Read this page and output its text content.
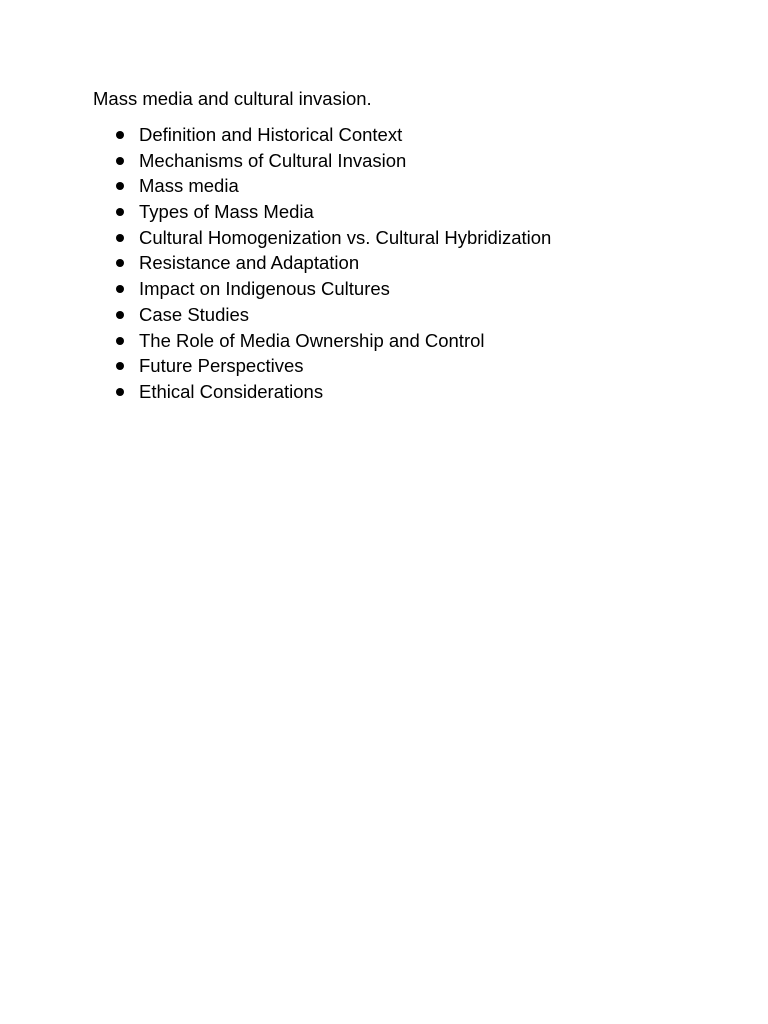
Mass media and cultural invasion.
Definition and Historical Context
Mechanisms of Cultural Invasion
Mass media
Types of Mass Media
Cultural Homogenization vs. Cultural Hybridization
Resistance and Adaptation
Impact on Indigenous Cultures
Case Studies
The Role of Media Ownership and Control
Future Perspectives
Ethical Considerations
